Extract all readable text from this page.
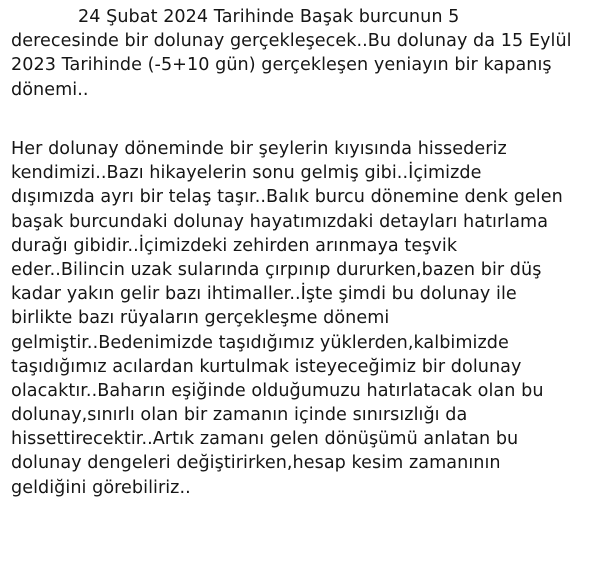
24 Şubat 2024 Tarihinde Başak burcunun 5
derecesinde bir dolunay gerçekleşecek..Bu dolunay da 15 Eylül
2023 Tarihinde (-5+10 gün) gerçekleşen yeniayın bir kapanış
dönemi..
Her dolunay döneminde bir şeylerin kıyısında hissederiz
kendimizi..Bazı hikayelerin sonu gelmiş gibi..İçimizde
dışımızda ayrı bir telaş taşır..Balık burcu dönemine denk gelen
başak burcundaki dolunay hayatımızdaki detayları hatırlama
durağı gibidir..İçimizdeki zehirden arınmaya teşvik
eder..Bilincin uzak sularında çırpınıp dururken,bazen bir düş
kadar yakın gelir bazı ihtimaller..İşte şimdi bu dolunay ile
birlikte bazı rüyaların gerçekleşme dönemi
gelmiştir..Bedenimizde taşıdığımız yüklerden,kalbimizde
taşıdığımız acılardan kurtulmak isteyeceğimiz bir dolunay
olacaktır..Baharın eşiğinde olduğumuzu hatırlatacak olan bu
dolunay,sınırlı olan bir zamanın içinde sınırsızlığı da
hissettirecektir..Artık zamanı gelen dönüşümü anlatan bu
dolunay dengeleri değiştirirken,hesap kesim zamanının
geldiğini görebiliriz..
